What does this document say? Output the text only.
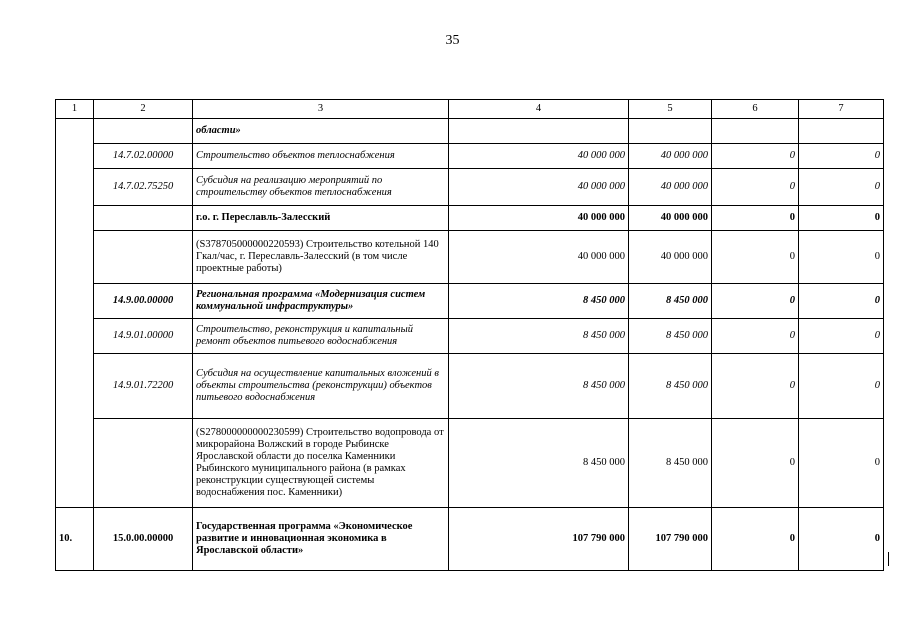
35
1	2	3	4	5	6	7
		области»				
	14.7.02.00000	Строительство объектов теплоснабжения	40 000 000	40 000 000	0	0
	14.7.02.75250	Субсидия на реализацию мероприятий по строительству объектов теплоснабжения	40 000 000	40 000 000	0	0
		г.о. г. Переславль-Залесский	40 000 000	40 000 000	0	0
		(S378705000000220593) Строительство котельной 140 Гкал/час, г. Переславль-Залесский (в том числе проектные работы)	40 000 000	40 000 000	0	0
	14.9.00.00000	Региональная программа «Модернизация систем коммунальной инфраструктуры»	8 450 000	8 450 000	0	0
	14.9.01.00000	Строительство, реконструкция и капитальный ремонт объектов питьевого водоснабжения	8 450 000	8 450 000	0	0
	14.9.01.72200	Субсидия на осуществление капитальных вложений в объекты строительства (реконструкции) объектов питьевого водоснабжения	8 450 000	8 450 000	0	0
		(S278000000000230599) Строительство водопровода от микрорайона Волжский в городе Рыбинске Ярославской области до поселка Каменники Рыбинского муниципального района (в рамках реконструкции существующей системы водоснабжения пос. Каменники)	8 450 000	8 450 000	0	0
10.	15.0.00.00000	Государственная программа «Экономическое развитие и инновационная экономика в Ярославской области»	107 790 000	107 790 000	0	0
